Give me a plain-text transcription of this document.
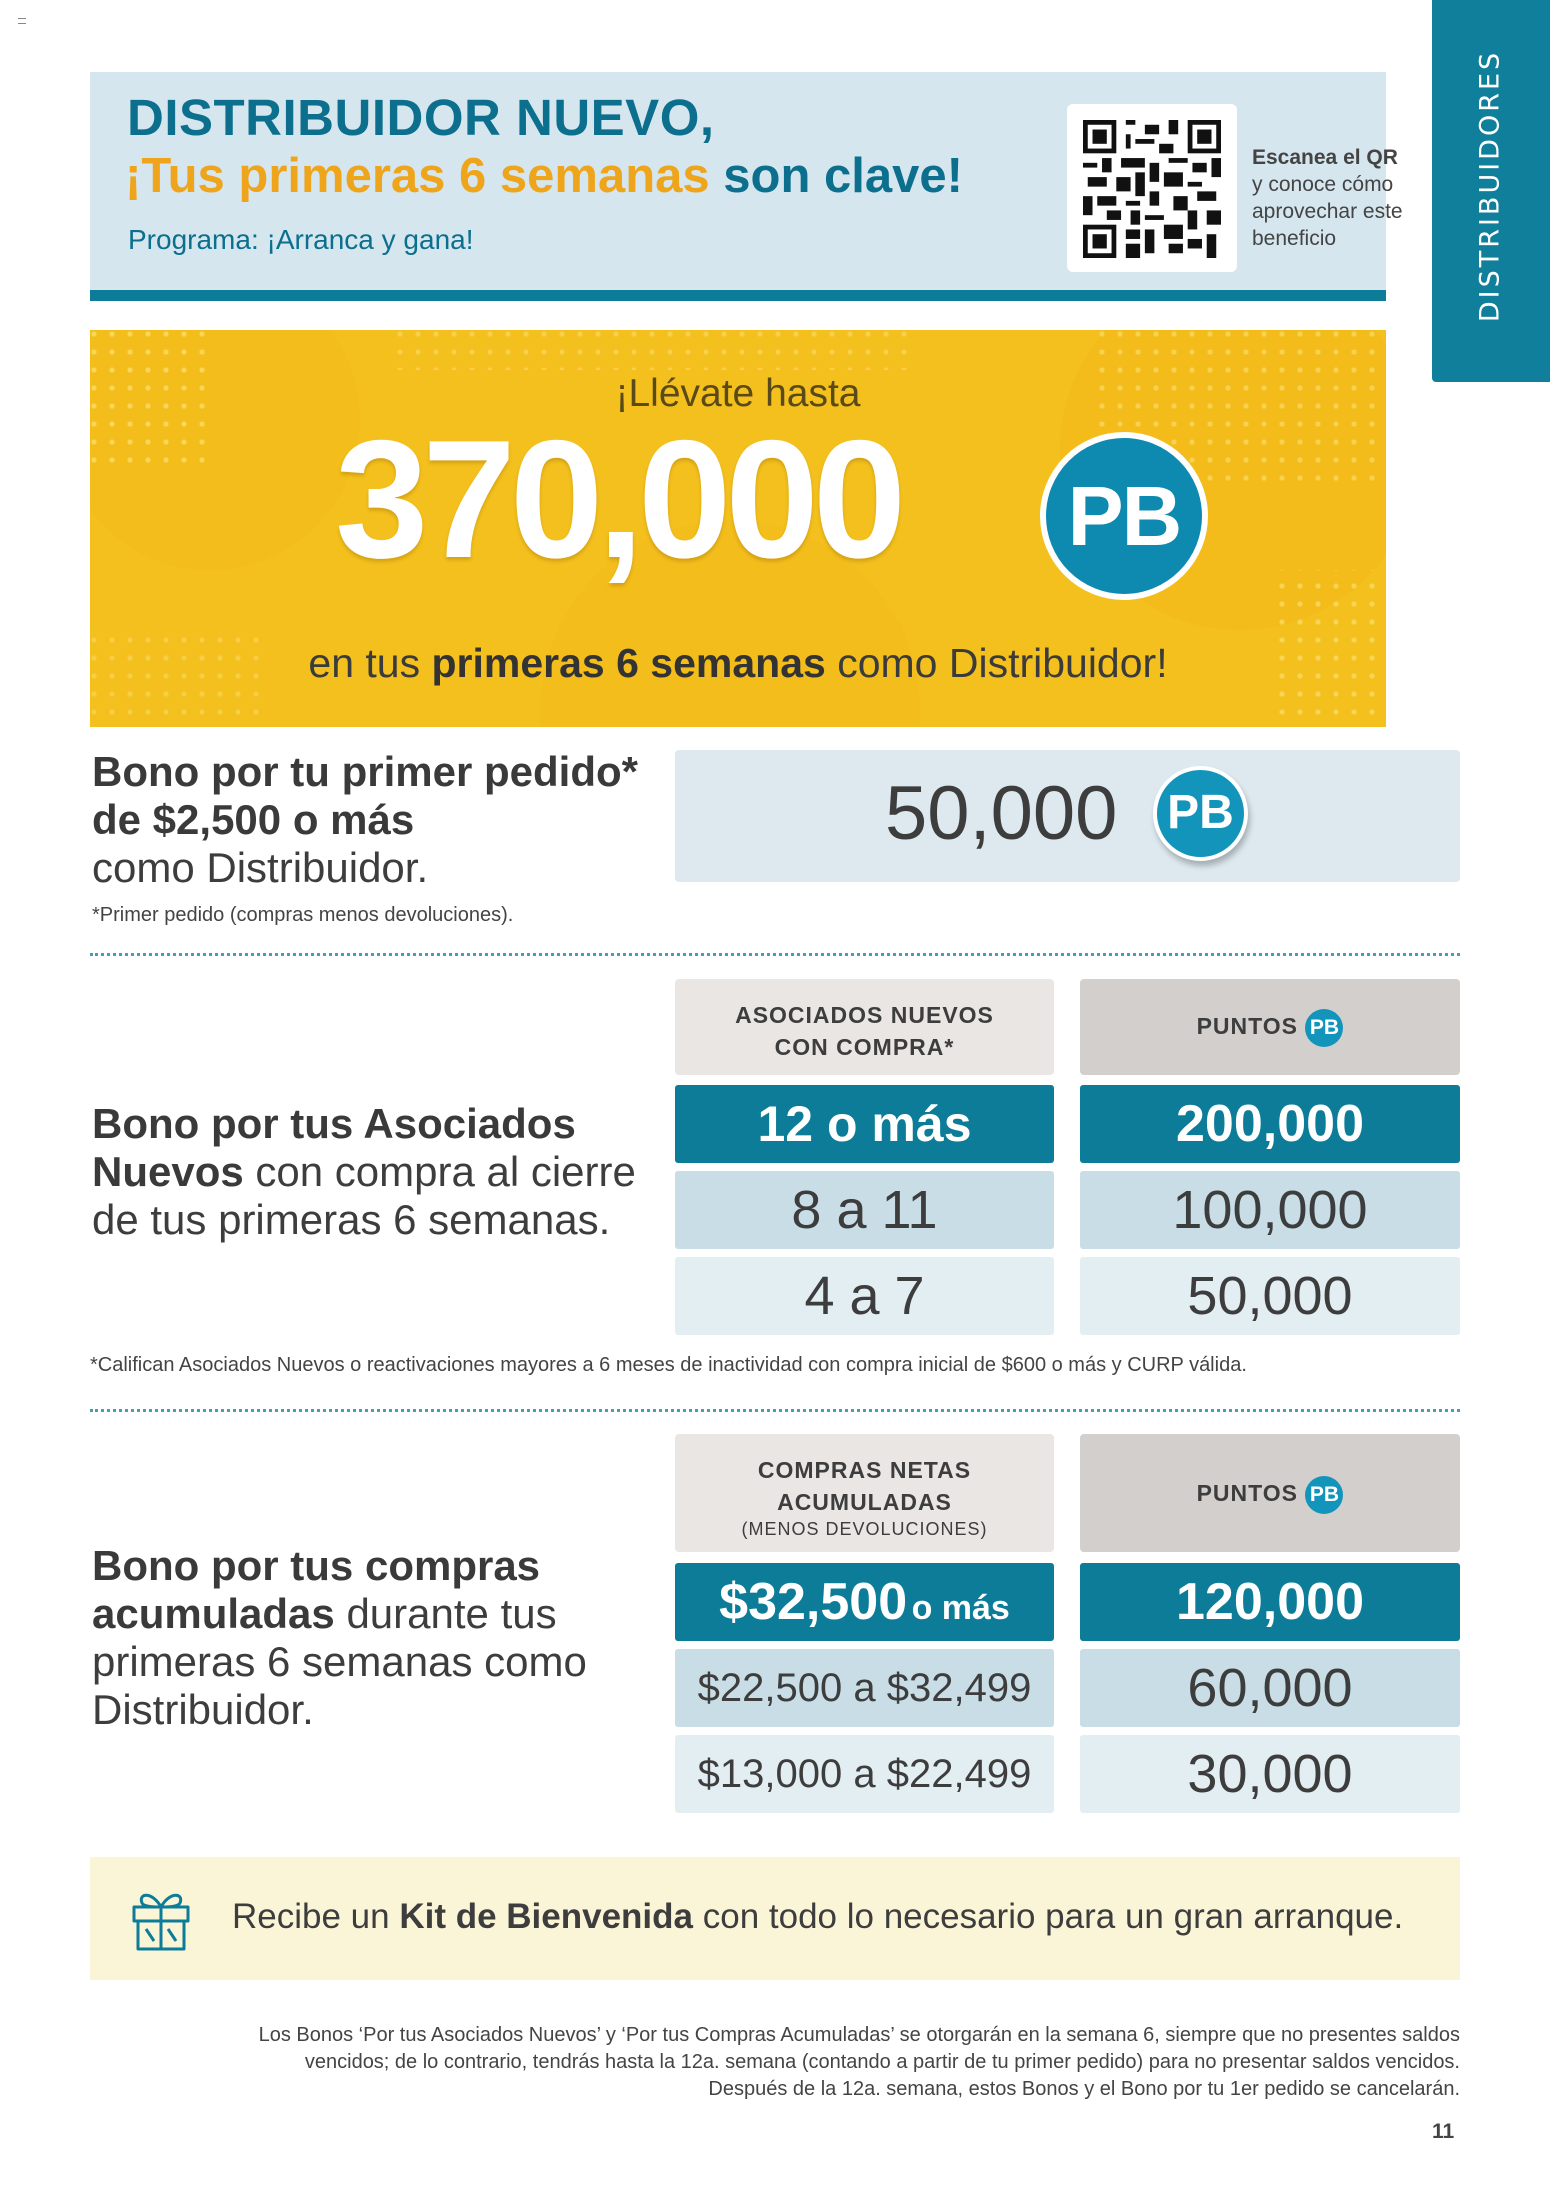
DISTRIBUIDORES
DISTRIBUIDOR NUEVO,
¡Tus primeras 6 semanas son clave!
Programa: ¡Arranca y gana!
Escanea el QR
y conoce cómo aprovechar este beneficio
¡Llévate hasta
370,000	PB
en tus primeras 6 semanas como Distribuidor!
Bono por tu primer pedido* de $2,500 o más
como Distribuidor.
*Primer pedido (compras menos devoluciones).
50,000 PB
Bono por tus Asociados Nuevos con compra al cierre de tus primeras 6 semanas.
ASOCIADOS NUEVOS CON COMPRA*
PUNTOS PB
12 o más	200,000
8 a 11	100,000
4 a 7	50,000
*Califican Asociados Nuevos o reactivaciones mayores a 6 meses de inactividad con compra inicial de $600 o más y CURP válida.
Bono por tus compras acumuladas durante tus primeras 6 semanas como Distribuidor.
COMPRAS NETAS
ACUMULADAS
(MENOS DEVOLUCIONES)
PUNTOS PB
$32,500 o más	120,000
$22,500 a $32,499	60,000
$13,000 a $22,499	30,000
Recibe un Kit de Bienvenida con todo lo necesario para un gran arranque.
Los Bonos ‘Por tus Asociados Nuevos’ y ‘Por tus Compras Acumuladas’ se otorgarán en la semana 6, siempre que no presentes saldos
vencidos; de lo contrario, tendrás hasta la 12a. semana (contando a partir de tu primer pedido) para no presentar saldos vencidos.
Después de la 12a. semana, estos Bonos y el Bono por tu 1er pedido se cancelarán.
11
